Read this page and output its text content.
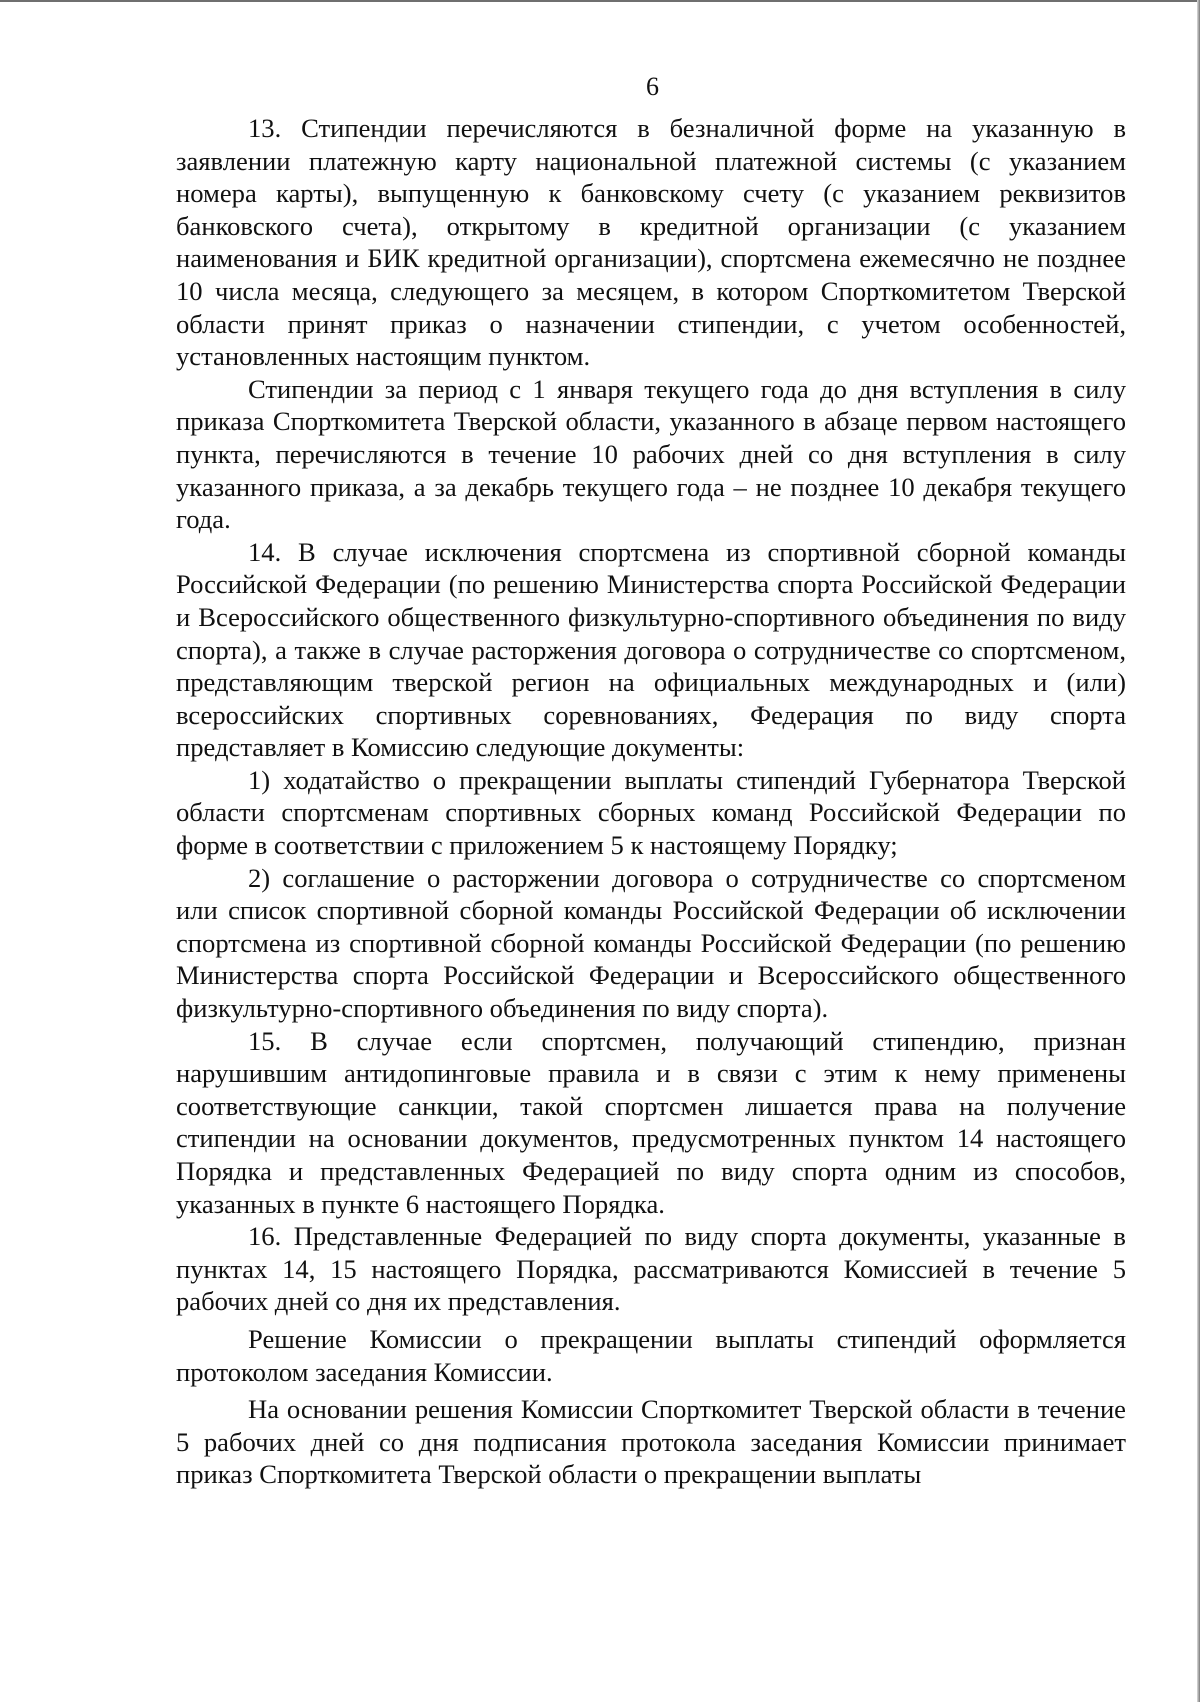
6

13. Стипендии перечисляются в безналичной форме на указанную в заявлении платежную карту национальной платежной системы (с указанием номера карты), выпущенную к банковскому счету (с указанием реквизитов банковского счета), открытому в кредитной организации (с указанием наименования и БИК кредитной организации), спортсмена ежемесячно не позднее 10 числа месяца, следующего за месяцем, в котором Спорткомитетом Тверской области принят приказ о назначении стипендии, с учетом особенностей, установленных настоящим пунктом.

Стипендии за период с 1 января текущего года до дня вступления в силу приказа Спорткомитета Тверской области, указанного в абзаце первом настоящего пункта, перечисляются в течение 10 рабочих дней со дня вступления в силу указанного приказа, а за декабрь текущего года – не позднее 10 декабря текущего года.

14. В случае исключения спортсмена из спортивной сборной команды Российской Федерации (по решению Министерства спорта Российской Федерации и Всероссийского общественного физкультурно-спортивного объединения по виду спорта), а также в случае расторжения договора о сотрудничестве со спортсменом, представляющим тверской регион на официальных международных и (или) всероссийских спортивных соревнованиях, Федерация по виду спорта представляет в Комиссию следующие документы:

1) ходатайство о прекращении выплаты стипендий Губернатора Тверской области спортсменам спортивных сборных команд Российской Федерации по форме в соответствии с приложением 5 к настоящему Порядку;

2) соглашение о расторжении договора о сотрудничестве со спортсменом или список спортивной сборной команды Российской Федерации об исключении спортсмена из спортивной сборной команды Российской Федерации (по решению Министерства спорта Российской Федерации и Всероссийского общественного физкультурно-спортивного объединения по виду спорта).

15. В случае если спортсмен, получающий стипендию, признан нарушившим антидопинговые правила и в связи с этим к нему применены соответствующие санкции, такой спортсмен лишается права на получение стипендии на основании документов, предусмотренных пунктом 14 настоящего Порядка и представленных Федерацией по виду спорта одним из способов, указанных в пункте 6 настоящего Порядка.

16. Представленные Федерацией по виду спорта документы, указанные в пунктах 14, 15 настоящего Порядка, рассматриваются Комиссией в течение 5 рабочих дней со дня их представления.

Решение Комиссии о прекращении выплаты стипендий оформляется протоколом заседания Комиссии.

На основании решения Комиссии Спорткомитет Тверской области в течение 5 рабочих дней со дня подписания протокола заседания Комиссии принимает приказ Спорткомитета Тверской области о прекращении выплаты
